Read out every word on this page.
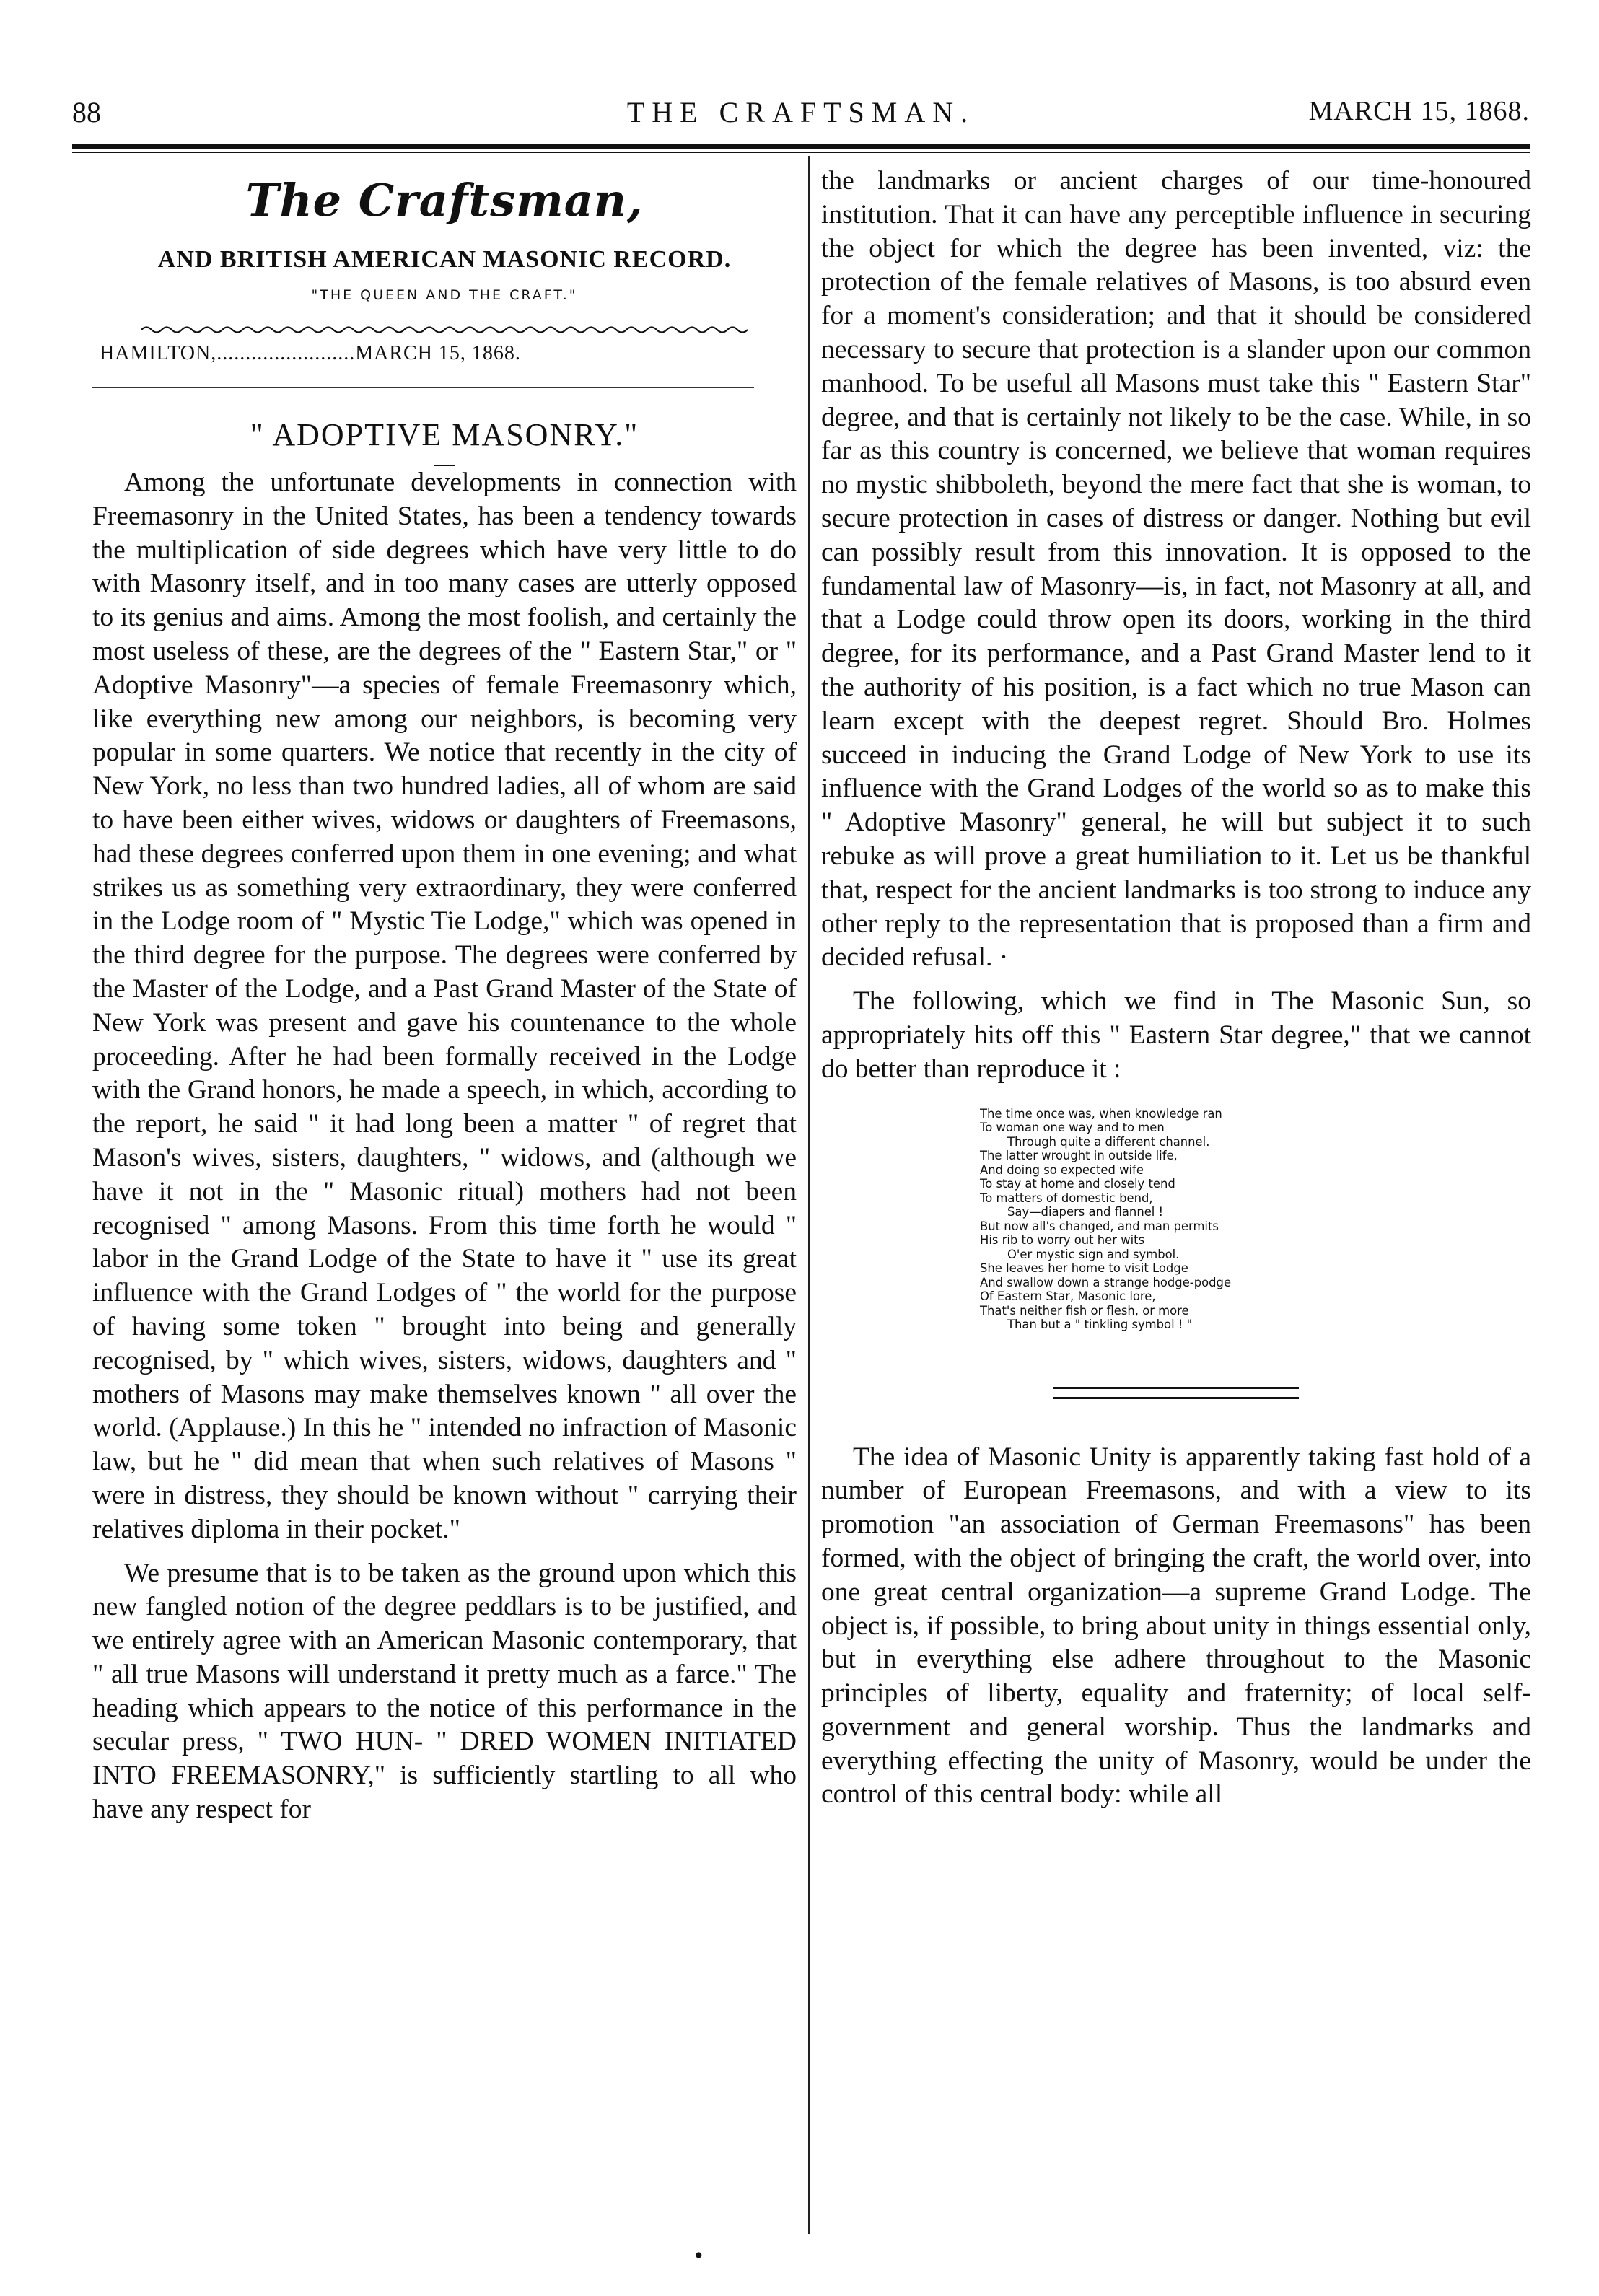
88	THE CRAFTSMAN.	MARCH 15, 1868.
The Craftsman,
AND BRITISH AMERICAN MASONIC RECORD.
"THE QUEEN AND THE CRAFT."
HAMILTON,........................MARCH 15, 1868.
" ADOPTIVE MASONRY."

Among the unfortunate developments in connection with Freemasonry in the United States, has been a tendency towards the multiplication of side degrees which have very little to do with Masonry itself, and in too many cases are utterly opposed to its genius and aims. Among the most foolish, and certainly the most useless of these, are the degrees of the " Eastern Star," or " Adoptive Masonry"—a species of female Freemasonry which, like everything new among our neighbors, is becoming very popular in some quarters. We notice that recently in the city of New York, no less than two hundred ladies, all of whom are said to have been either wives, widows or daughters of Freemasons, had these degrees conferred upon them in one evening; and what strikes us as something very extraordinary, they were conferred in the Lodge room of " Mystic Tie Lodge," which was opened in the third degree for the purpose. The degrees were conferred by the Master of the Lodge, and a Past Grand Master of the State of New York was present and gave his countenance to the whole proceeding. After he had been formally received in the Lodge with the Grand honors, he made a speech, in which, according to the report, he said " it had long been a matter " of regret that Mason's wives, sisters, daughters, " widows, and (although we have it not in the " Masonic ritual) mothers had not been recognised " among Masons. From this time forth he would " labor in the Grand Lodge of the State to have it " use its great influence with the Grand Lodges of " the world for the purpose of having some token " brought into being and generally recognised, by " which wives, sisters, widows, daughters and " mothers of Masons may make themselves known " all over the world. (Applause.) In this he " intended no infraction of Masonic law, but he " did mean that when such relatives of Masons " were in distress, they should be known without " carrying their relatives diploma in their pocket."

We presume that is to be taken as the ground upon which this new fangled notion of the degree peddlars is to be justified, and we entirely agree with an American Masonic contemporary, that " all true Masons will understand it pretty much as a farce." The heading which appears to the notice of this performance in the secular press, " TWO HUN- " DRED WOMEN INITIATED INTO FREEMASONRY," is sufficiently startling to all who have any respect for

the landmarks or ancient charges of our time-honoured institution. That it can have any perceptible influence in securing the object for which the degree has been invented, viz: the protection of the female relatives of Masons, is too absurd even for a moment's consideration; and that it should be considered necessary to secure that protection is a slander upon our common manhood. To be useful all Masons must take this " Eastern Star" degree, and that is certainly not likely to be the case. While, in so far as this country is concerned, we believe that woman requires no mystic shibboleth, beyond the mere fact that she is woman, to secure protection in cases of distress or danger. Nothing but evil can possibly result from this innovation. It is opposed to the fundamental law of Masonry—is, in fact, not Masonry at all, and that a Lodge could throw open its doors, working in the third degree, for its performance, and a Past Grand Master lend to it the authority of his position, is a fact which no true Mason can learn except with the deepest regret. Should Bro. Holmes succeed in inducing the Grand Lodge of New York to use its influence with the Grand Lodges of the world so as to make this " Adoptive Masonry" general, he will but subject it to such rebuke as will prove a great humiliation to it. Let us be thankful that, respect for the ancient landmarks is too strong to induce any other reply to the representation that is proposed than a firm and decided refusal. ·

The following, which we find in The Masonic Sun, so appropriately hits off this " Eastern Star degree," that we cannot do better than reproduce it :

The time once was, when knowledge ran
To woman one way and to men
Through quite a different channel.
The latter wrought in outside life,
And doing so expected wife
To stay at home and closely tend
To matters of domestic bend,
Say—diapers and flannel !
But now all's changed, and man permits
His rib to worry out her wits
O'er mystic sign and symbol.
She leaves her home to visit Lodge
And swallow down a strange hodge-podge
Of Eastern Star, Masonic lore,
That's neither fish or flesh, or more
Than but a " tinkling symbol ! "

The idea of Masonic Unity is apparently taking fast hold of a number of European Freemasons, and with a view to its promotion "an association of German Freemasons" has been formed, with the object of bringing the craft, the world over, into one great central organization—a supreme Grand Lodge. The object is, if possible, to bring about unity in things essential only, but in everything else adhere throughout to the Masonic principles of liberty, equality and fraternity; of local self-government and general worship. Thus the landmarks and everything effecting the unity of Masonry, would be under the control of this central body: while all

•
